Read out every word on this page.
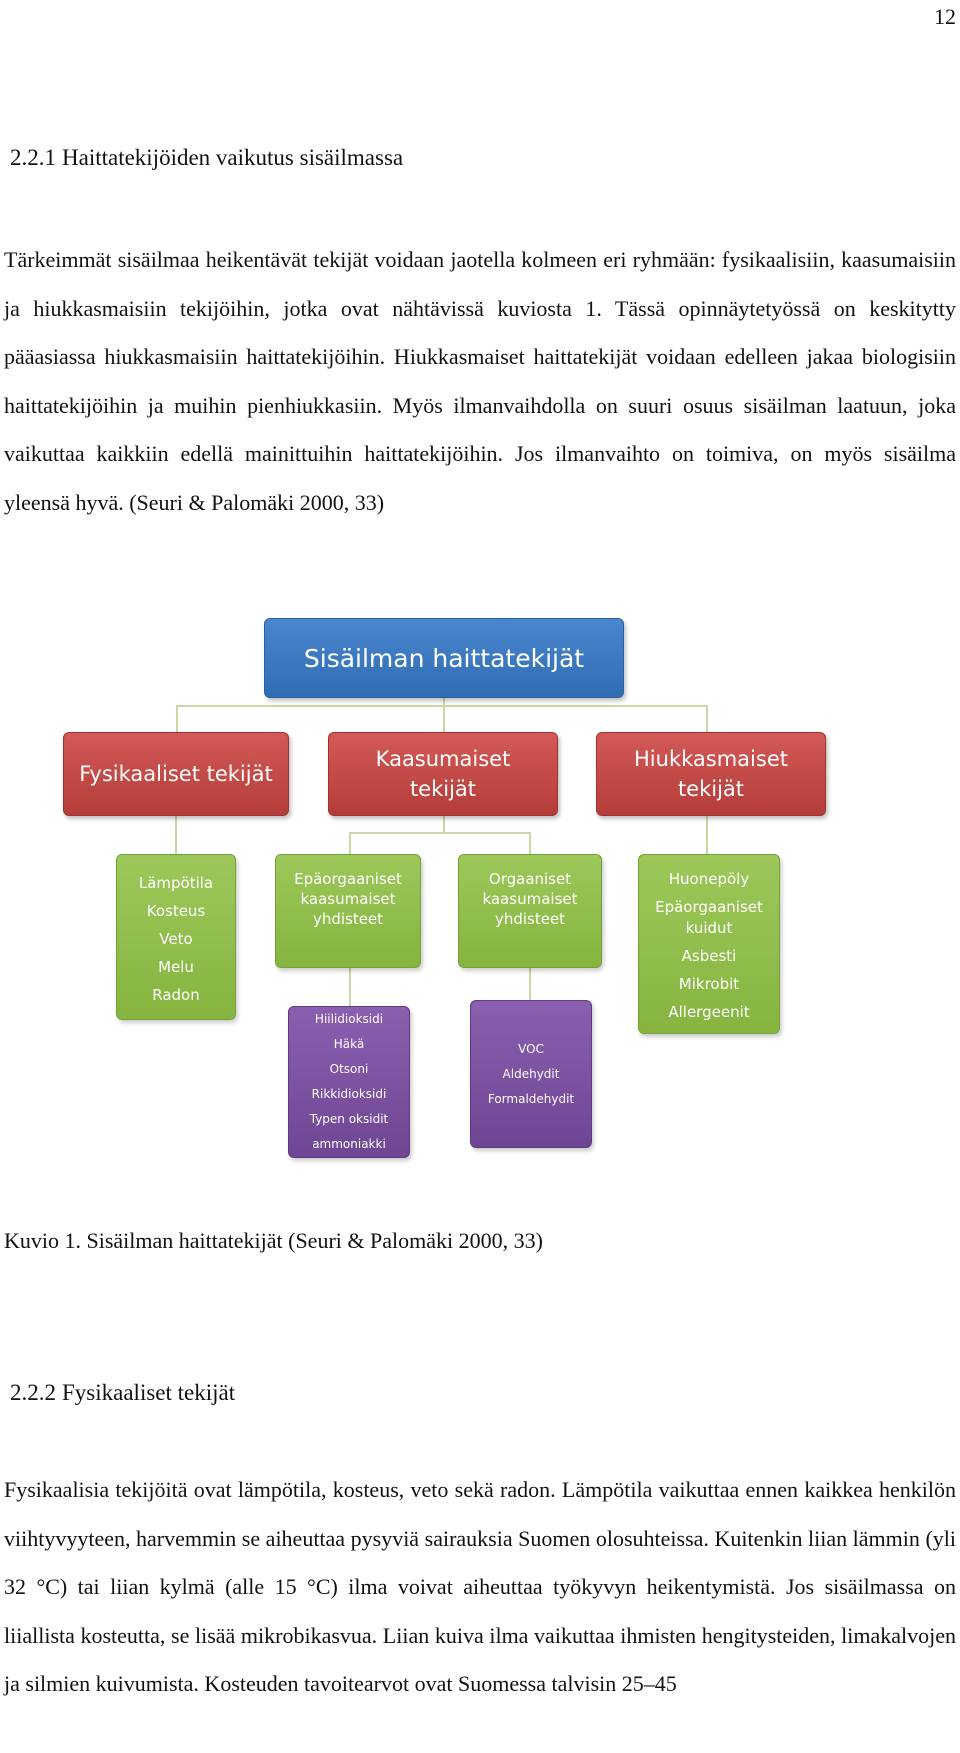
12
2.2.1 Haittatekijöiden vaikutus sisäilmassa

Tärkeimmät sisäilmaa heikentävät tekijät voidaan jaotella kolmeen eri ryhmään: fysikaalisiin, kaasumaisiin ja hiukkasmaisiin tekijöihin, jotka ovat nähtävissä kuviosta 1. Tässä opinnäytetyössä on keskitytty pääasiassa hiukkasmaisiin haittatekijöihin. Hiukkasmaiset haittatekijät voidaan edelleen jakaa biologisiin haittatekijöihin ja muihin pienhiukkasiin. Myös ilmanvaihdolla on suuri osuus sisäilman laatuun, joka vaikuttaa kaikkiin edellä mainittuihin haittatekijöihin. Jos ilmanvaihto on toimiva, on myös sisäilma yleensä hyvä. (Seuri & Palomäki 2000, 33)

Sisäilman haittatekijät
Fysikaaliset tekijät
Kaasumaiset
tekijät
Hiukkasmaiset
tekijät
Lämpötila
Kosteus
Veto
Melu
Radon
Epäorgaaniset
kaasumaiset
yhdisteet
Orgaaniset
kaasumaiset
yhdisteet
Huonepöly
Epäorgaaniset
kuidut
Asbesti
Mikrobit
Allergeenit
Hiilidioksidi
Häkä
Otsoni
Rikkidioksidi
Typen oksidit
ammoniakki
VOC
Aldehydit
Formaldehydit
Kuvio 1. Sisäilman haittatekijät (Seuri & Palomäki 2000, 33)
2.2.2 Fysikaaliset tekijät

Fysikaalisia tekijöitä ovat lämpötila, kosteus, veto sekä radon. Lämpötila vaikuttaa ennen kaikkea henkilön viihtyvyyteen, harvemmin se aiheuttaa pysyviä sairauksia Suomen olosuhteissa. Kuitenkin liian lämmin (yli 32 °C) tai liian kylmä (alle 15 °C) ilma voivat aiheuttaa työkyvyn heikentymistä. Jos sisäilmassa on liiallista kosteutta, se lisää mikrobikasvua. Liian kuiva ilma vaikuttaa ihmisten hengitysteiden, limakalvojen ja silmien kuivumista. Kosteuden tavoitearvot ovat Suomessa talvisin 25–45
